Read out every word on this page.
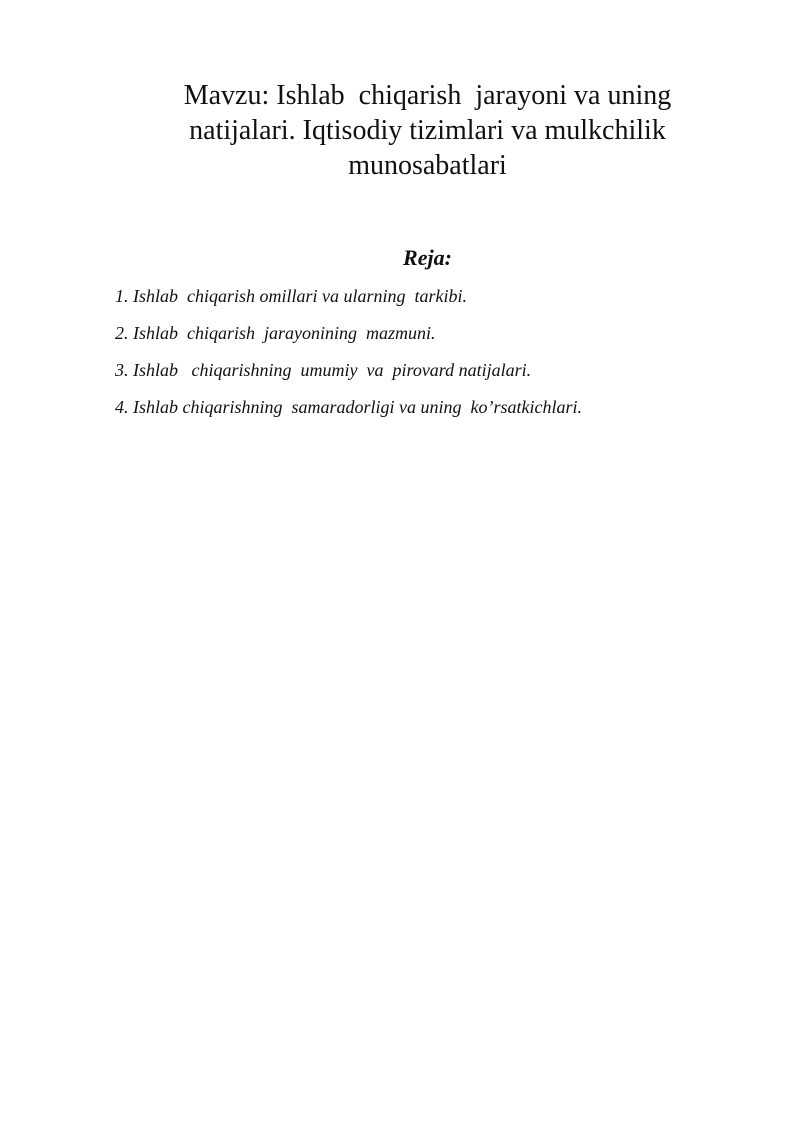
Mavzu: Ishlab  chiqarish  jarayoni va uning
natijalari. Iqtisodiy tizimlari va mulkchilik
munosabatlari
Reja:
1. Ishlab  chiqarish omillari va ularning  tarkibi.
2. Ishlab  chiqarish  jarayonining  mazmuni.
3. Ishlab   chiqarishning  umumiy  va  pirovard natijalari.
4. Ishlab chiqarishning  samaradorligi va uning  ko’rsatkichlari.
